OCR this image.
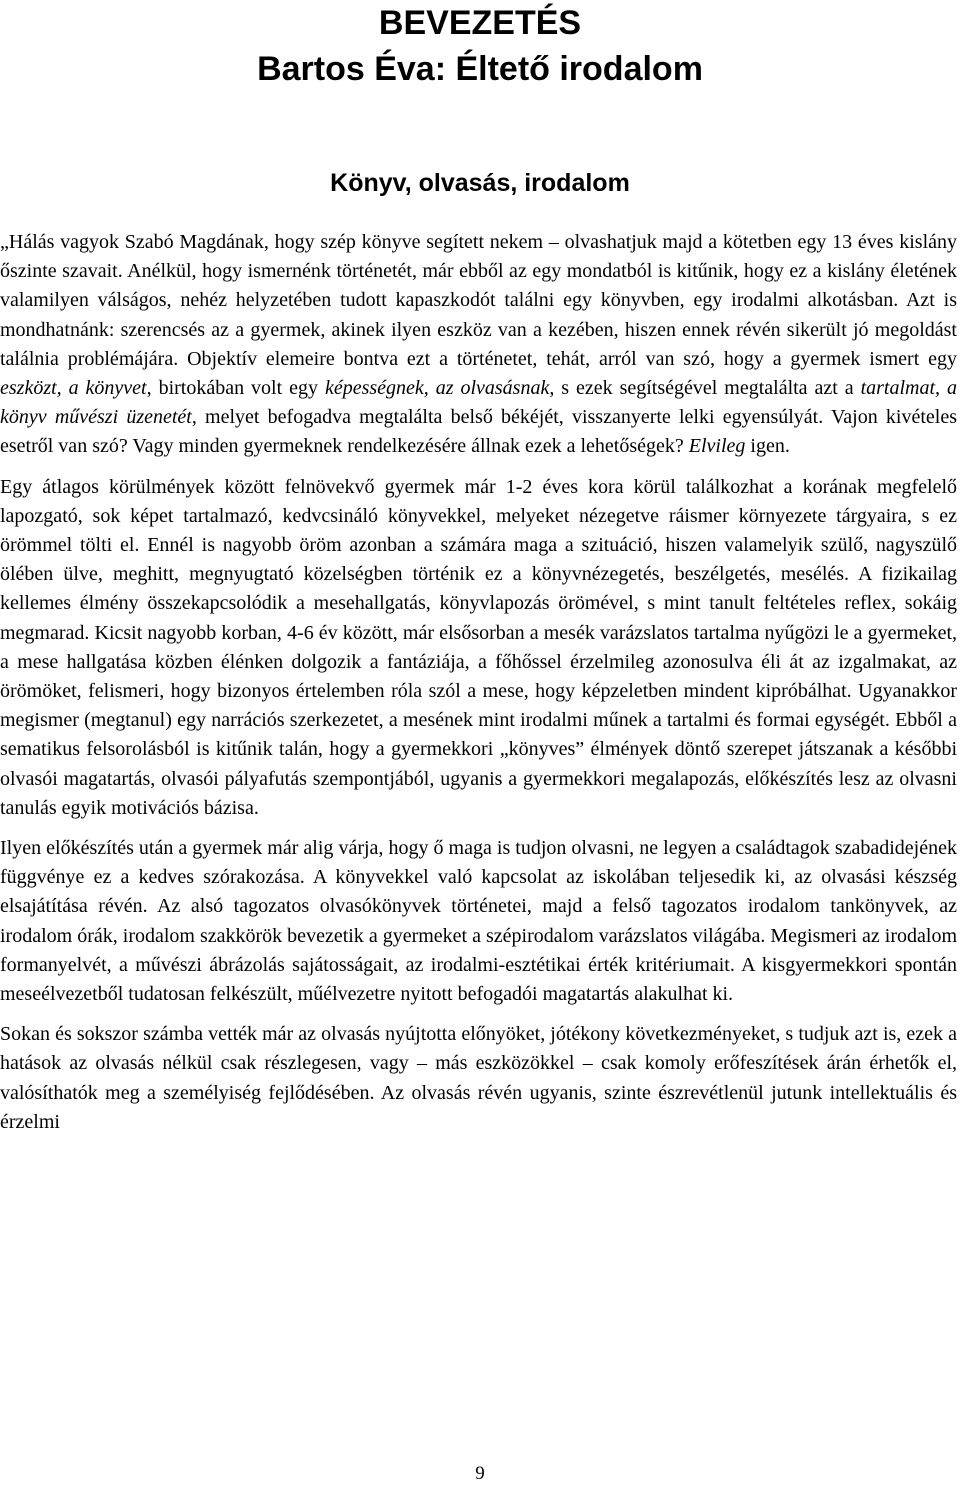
BEVEZETÉS
Bartos Éva: Éltető irodalom
Könyv, olvasás, irodalom

„Hálás vagyok Szabó Magdának, hogy szép könyve segített nekem – olvashatjuk majd a kötetben egy 13 éves kislány őszinte szavait. Anélkül, hogy ismernénk történetét, már ebből az egy mondatból is kitűnik, hogy ez a kislány életének valamilyen válságos, nehéz helyzetében tudott kapaszkodót találni egy könyvben, egy irodalmi alkotásban. Azt is mondhatnánk: szerencsés az a gyermek, akinek ilyen eszköz van a kezében, hiszen ennek révén sikerült jó megoldást találnia problémájára. Objektív elemeire bontva ezt a történetet, tehát, arról van szó, hogy a gyermek ismert egy eszközt, a könyvet, birtokában volt egy képességnek, az olvasásnak, s ezek segítségével megtalálta azt a tartalmat, a könyv művészi üzenetét, melyet befogadva megtalálta belső békéjét, visszanyerte lelki egyensúlyát. Vajon kivételes esetről van szó? Vagy minden gyermeknek rendelkezésére állnak ezek a lehetőségek? Elvileg igen.

Egy átlagos körülmények között felnövekvő gyermek már 1-2 éves kora körül találkozhat a korának megfelelő lapozgató, sok képet tartalmazó, kedvcsináló könyvekkel, melyeket nézegetve ráismer környezete tárgyaira, s ez örömmel tölti el. Ennél is nagyobb öröm azonban a számára maga a szituáció, hiszen valamelyik szülő, nagyszülő ölében ülve, meghitt, megnyugtató közelségben történik ez a könyvnézegetés, beszélgetés, mesélés. A fizikailag kellemes élmény összekapcsolódik a mesehallgatás, könyvlapozás örömével, s mint tanult feltételes reflex, sokáig megmarad. Kicsit nagyobb korban, 4-6 év között, már elsősorban a mesék varázslatos tartalma nyűgözi le a gyermeket, a mese hallgatása közben élénken dolgozik a fantáziája, a főhőssel érzelmileg azonosulva éli át az izgalmakat, az örömöket, felismeri, hogy bizonyos értelemben róla szól a mese, hogy képzeletben mindent kipróbálhat. Ugyanakkor megismer (megtanul) egy narrációs szerkezetet, a mesének mint irodalmi műnek a tartalmi és formai egységét. Ebből a sematikus felsorolásból is kitűnik talán, hogy a gyermekkori „könyves” élmények döntő szerepet játszanak a későbbi olvasói magatartás, olvasói pályafutás szempontjából, ugyanis a gyermekkori megalapozás, előkészítés lesz az olvasni tanulás egyik motivációs bázisa.

Ilyen előkészítés után a gyermek már alig várja, hogy ő maga is tudjon olvasni, ne legyen a családtagok szabadidejének függvénye ez a kedves szórakozása. A könyvekkel való kapcsolat az iskolában teljesedik ki, az olvasási készség elsajátítása révén. Az alsó tagozatos olvasókönyvek történetei, majd a felső tagozatos irodalom tankönyvek, az irodalom órák, irodalom szakkörök bevezetik a gyermeket a szépirodalom varázslatos világába. Megismeri az irodalom formanyelvét, a művészi ábrázolás sajátosságait, az irodalmi-esztétikai érték kritériumait. A kisgyermekkori spontán meseélvezetből tudatosan felkészült, műélvezetre nyitott befogadói magatartás alakulhat ki.

Sokan és sokszor számba vették már az olvasás nyújtotta előnyöket, jótékony következményeket, s tudjuk azt is, ezek a hatások az olvasás nélkül csak részlegesen, vagy – más eszközökkel – csak komoly erőfeszítések árán érhetők el, valósíthatók meg a személyiség fejlődésében. Az olvasás révén ugyanis, szinte észrevétlenül jutunk intellektuális és érzelmi

9
